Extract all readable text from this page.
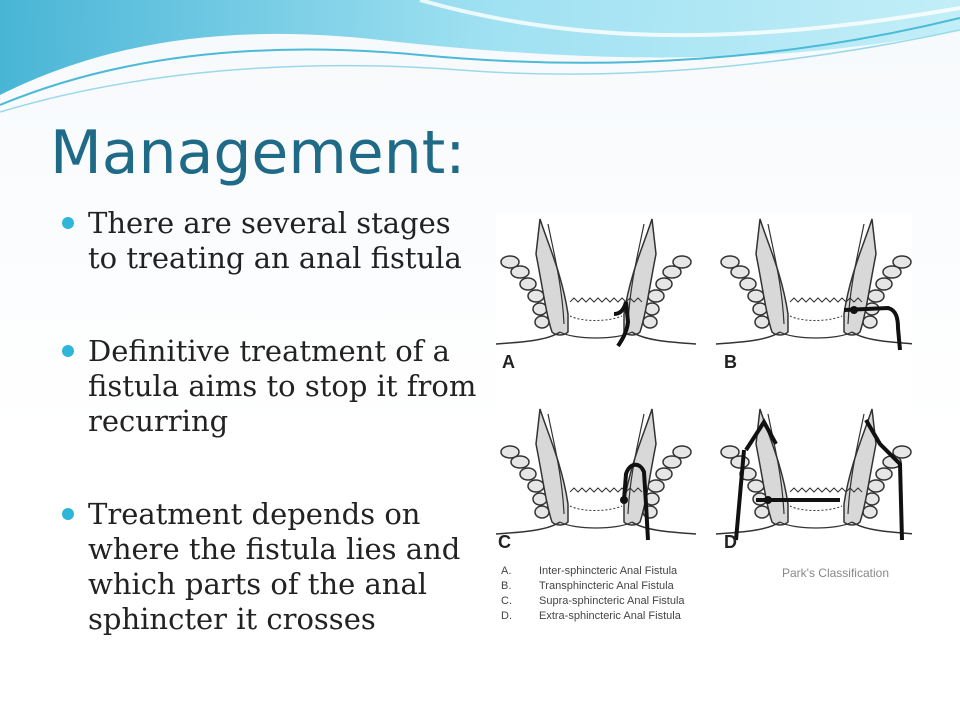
Management:
There are several stages to treating an anal fistula
Definitive treatment of a fistula aims to stop it from recurring
Treatment depends on where the fistula lies and which parts of the anal sphincter it crosses
A	B
C	D
A.	Inter-sphincteric Anal Fistula
B.	Transphincteric Anal Fistula
C. Supra-sphincteric Anal Fistula
D. Extra-sphincteric Anal Fistula
Park's Classification
